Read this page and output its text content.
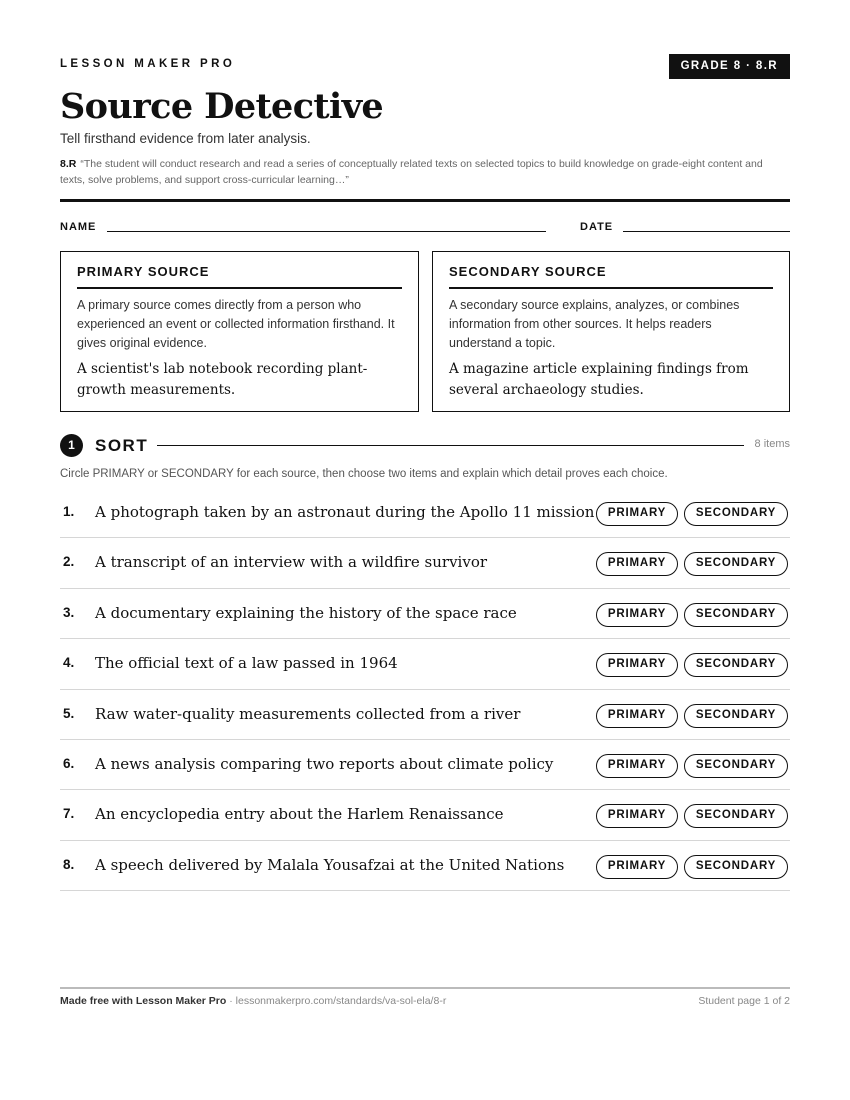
LESSON MAKER PRO	GRADE 8 · 8.R
Source Detective
Tell firsthand evidence from later analysis.
8.R “The student will conduct research and read a series of conceptually related texts on selected topics to build knowledge on grade-eight content and texts, solve problems, and support cross-curricular learning…”
NAME	DATE
PRIMARY SOURCE
A primary source comes directly from a person who experienced an event or collected information firsthand. It gives original evidence.
A scientist's lab notebook recording plant-growth measurements.
SECONDARY SOURCE
A secondary source explains, analyzes, or combines information from other sources. It helps readers understand a topic.
A magazine article explaining findings from several archaeology studies.
1	SORT	8 items
Circle PRIMARY or SECONDARY for each source, then choose two items and explain which detail proves each choice.
1. A photograph taken by an astronaut during the Apollo 11 mission	PRIMARY	SECONDARY
2. A transcript of an interview with a wildfire survivor	PRIMARY	SECONDARY
3. A documentary explaining the history of the space race	PRIMARY	SECONDARY
4. The official text of a law passed in 1964	PRIMARY	SECONDARY
5. Raw water-quality measurements collected from a river	PRIMARY	SECONDARY
6. A news analysis comparing two reports about climate policy	PRIMARY	SECONDARY
7. An encyclopedia entry about the Harlem Renaissance	PRIMARY	SECONDARY
8. A speech delivered by Malala Yousafzai at the United Nations	PRIMARY	SECONDARY
Made free with Lesson Maker Pro · lessonmakerpro.com/standards/va-sol-ela/8-r	Student page 1 of 2
